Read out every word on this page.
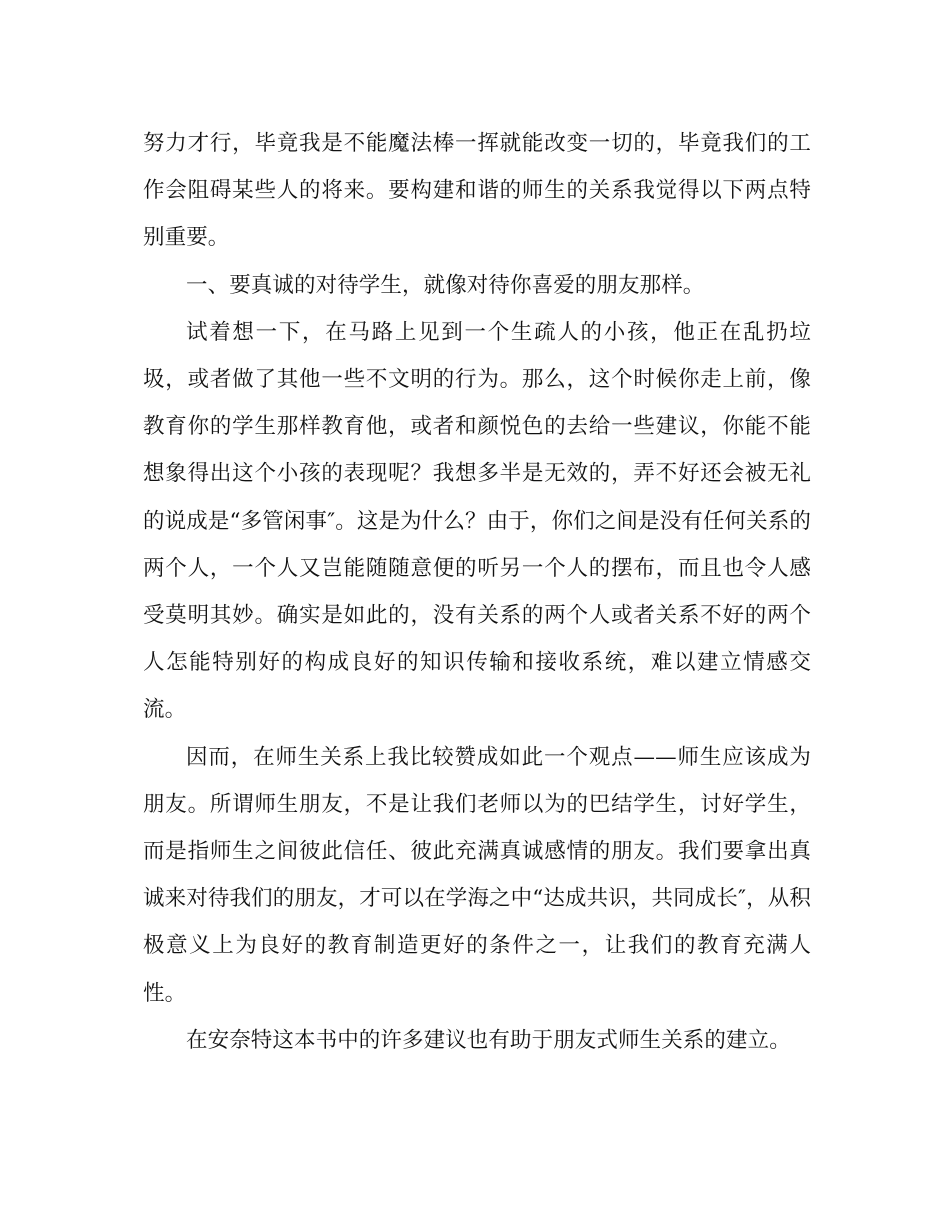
努力才行，毕竟我是不能魔法棒一挥就能改变一切的，毕竟我们的工作会阻碍某些人的将来。要构建和谐的师生的关系我觉得以下两点特别重要。

一、要真诚的对待学生，就像对待你喜爱的朋友那样。

试着想一下，在马路上见到一个生疏人的小孩，他正在乱扔垃圾，或者做了其他一些不文明的行为。那么，这个时候你走上前，像教育你的学生那样教育他，或者和颜悦色的去给一些建议，你能不能想象得出这个小孩的表现呢？我想多半是无效的，弄不好还会被无礼的说成是“多管闲事″。这是为什么？由于，你们之间是没有任何关系的两个人，一个人又岂能随随意便的听另一个人的摆布，而且也令人感受莫明其妙。确实是如此的，没有关系的两个人或者关系不好的两个人怎能特别好的构成良好的知识传输和接收系统，难以建立情感交流。

因而，在师生关系上我比较赞成如此一个观点——师生应该成为朋友。所谓师生朋友，不是让我们老师以为的巴结学生，讨好学生，而是指师生之间彼此信任、彼此充满真诚感情的朋友。我们要拿出真诚来对待我们的朋友，才可以在学海之中“达成共识，共同成长″，从积极意义上为良好的教育制造更好的条件之一，让我们的教育充满人性。

在安奈特这本书中的许多建议也有助于朋友式师生关系的建立。
